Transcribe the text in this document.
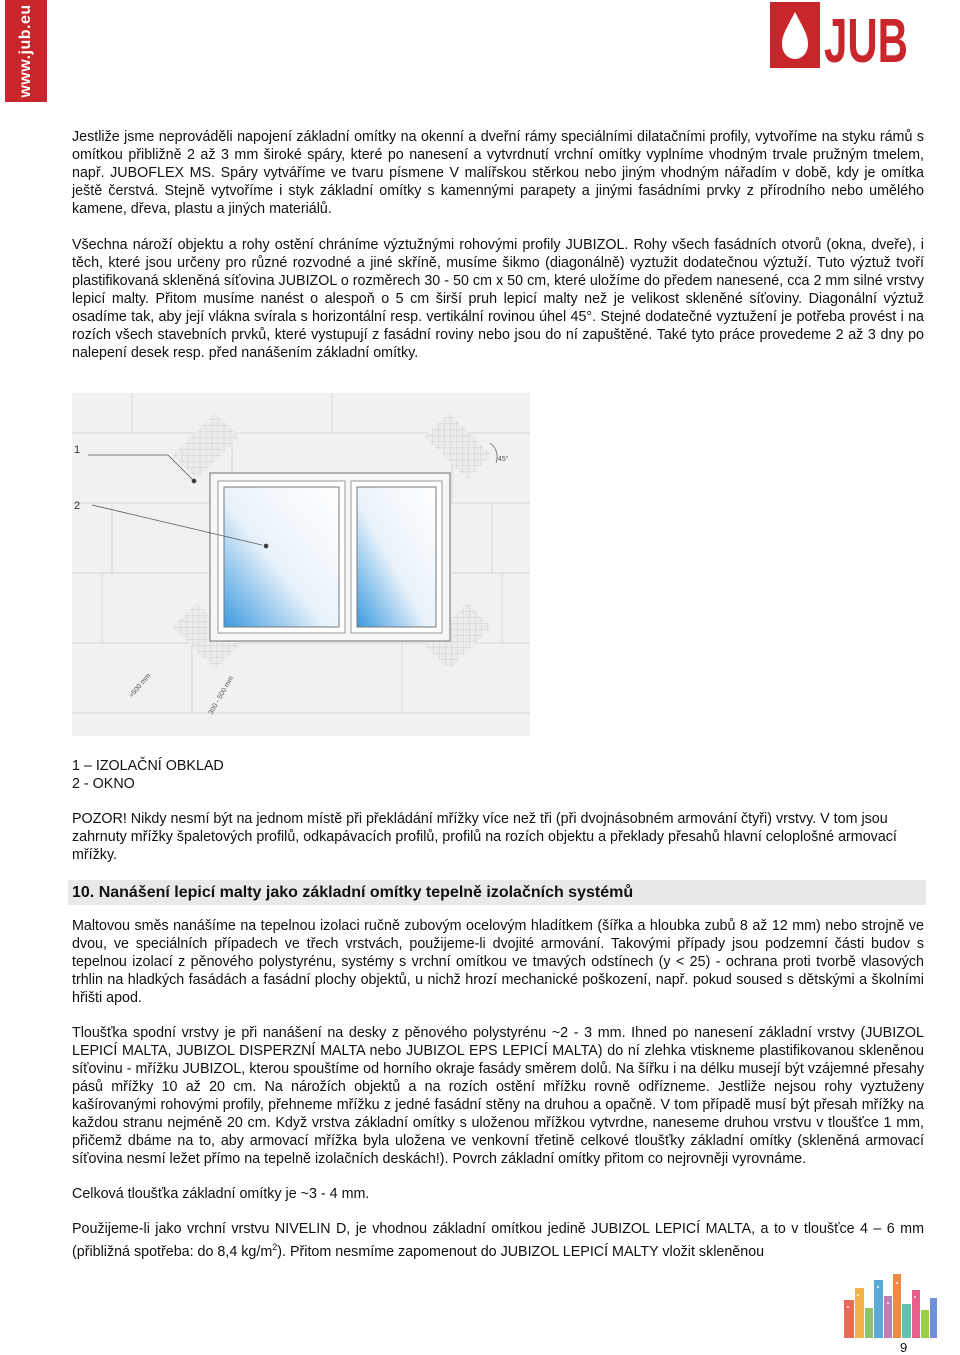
www.jub.eu	JUB

Jestliže jsme neprováděli napojení základní omítky na okenní a dveřní rámy speciálními dilatačními profily, vytvoříme na styku rámů s omítkou přibližně 2 až 3 mm široké spáry, které po nanesení a vytvrdnutí vrchní omítky vyplníme vhodným trvale pružným tmelem, např. JUBOFLEX MS. Spáry vytváříme ve tvaru písmene V malířskou stěrkou nebo jiným vhodným nářadím v době, kdy je omítka ještě čerstvá. Stejně vytvoříme i styk základní omítky s kamennými parapety a jinými fasádními prvky z přírodního nebo umělého kamene, dřeva, plastu a jiných materiálů.

Všechna nároží objektu a rohy ostění chráníme výztužnými rohovými profily JUBIZOL. Rohy všech fasádních otvorů (okna, dveře), i těch, které jsou určeny pro různé rozvodné a jiné skříně, musíme šikmo (diagonálně) vyztužit dodatečnou výztuží. Tuto výztuž tvoří plastifikovaná skleněná síťovina JUBIZOL o rozměrech 30 - 50 cm x 50 cm, které uložíme do předem nanesené, cca 2 mm silné vrstvy lepicí malty. Přitom musíme nanést o alespoň o 5 cm širší pruh lepicí malty než je velikost skleněné síťoviny. Diagonální výztuž osadíme tak, aby její vlákna svírala s horizontální resp. vertikální rovinou úhel 45°. Stejné dodatečné vyztužení je potřeba provést i na rozích všech stavebních prvků, které vystupují z fasádní roviny nebo jsou do ní zapuštěné. Také tyto práce provedeme 2 až 3 dny po nalepení desek resp. před nanášením základní omítky.

1
2
45°
≈500 mm	300 - 500 mm

1 – IZOLAČNÍ OBKLAD

2 - OKNO

POZOR! Nikdy nesmí být na jednom místě při překládání mřížky více než tři (při dvojnásobném armování čtyři) vrstvy. V tom jsou zahrnuty mřížky špaletových profilů, odkapávacích profilů, profilů na rozích objektu a překlady přesahů hlavní celoplošné armovací mřížky.

10. Nanášení lepicí malty jako základní omítky tepelně izolačních systémů

Maltovou směs nanášíme na tepelnou izolaci ručně zubovým ocelovým hladítkem (šířka a hloubka zubů 8 až 12 mm) nebo strojně ve dvou, ve speciálních případech ve třech vrstvách, použijeme-li dvojité armování. Takovými případy jsou podzemní části budov s tepelnou izolací z pěnového polystyrénu, systémy s vrchní omítkou ve tmavých odstínech (y < 25) - ochrana proti tvorbě vlasových trhlin na hladkých fasádách a fasádní plochy objektů, u nichž hrozí mechanické poškození, např. pokud soused s dětskými a školními hřišti apod.

Tloušťka spodní vrstvy je při nanášení na desky z pěnového polystyrénu ~2 - 3 mm. Ihned po nanesení základní vrstvy (JUBIZOL LEPICÍ MALTA, JUBIZOL DISPERZNÍ MALTA nebo JUBIZOL EPS LEPICÍ MALTA) do ní zlehka vtiskneme plastifikovanou skleněnou síťovinu - mřížku JUBIZOL, kterou spouštíme od horního okraje fasády směrem dolů. Na šířku i na délku musejí být vzájemné přesahy pásů mřížky 10 až 20 cm. Na nárožích objektů a na rozích ostění mřížku rovně odřízneme. Jestliže nejsou rohy vyztuženy kašírovanými rohovými profily, přehneme mřížku z jedné fasádní stěny na druhou a opačně. V tom případě musí být přesah mřížky na každou stranu nejméně 20 cm. Když vrstva základní omítky s uloženou mřížkou vytvrdne, naneseme druhou vrstvu v tloušťce 1 mm, přičemž dbáme na to, aby armovací mřížka byla uložena ve venkovní třetině celkové tloušťky základní omítky (skleněná armovací síťovina nesmí ležet přímo na tepelně izolačních deskách!). Povrch základní omítky přitom co nejrovněji vyrovnáme.

Celková tloušťka základní omítky je ~3 - 4 mm.

Použijeme-li jako vrchní vrstvu NIVELIN D, je vhodnou základní omítkou jedině JUBIZOL LEPICÍ MALTA, a to v tloušťce 4 – 6 mm (přibližná spotřeba: do 8,4 $kg/m^2$). Přitom nesmíme zapomenout do JUBIZOL LEPICÍ MALTY vložit skleněnou

9
